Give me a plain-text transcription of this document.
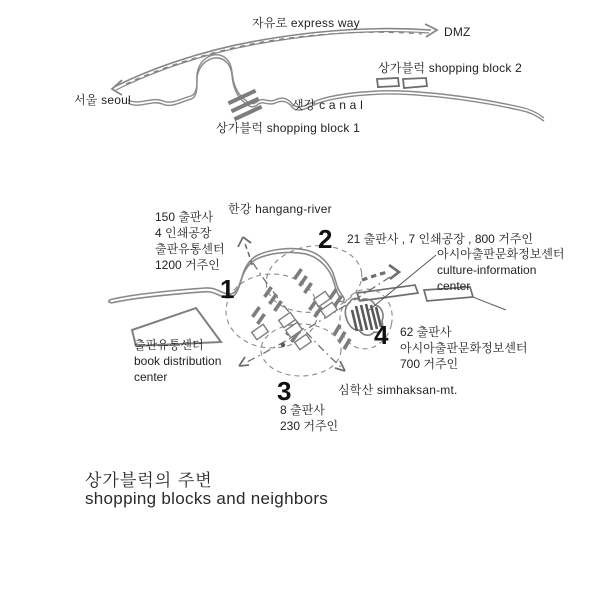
자유로 express way
DMZ
서울 seoul	샛강 c a n a l
상가블럭 shopping block 1
상가블럭 shopping block 2
한강 hangang-river
150 출판사
4 인쇄공장
출판유통센터
1200 거주인
1
2 21 출판사 , 7 인쇄공장 , 800 거주인
아시아출판문화정보센터
culture-information
center
4 62 출판사
아시아출판문화정보센터
700 거주인
출판유통센터
book distribution
center	3
8 출판사
230 거주인
심학산 simhaksan-mt.
상가블럭의 주변
shopping blocks and neighbors
